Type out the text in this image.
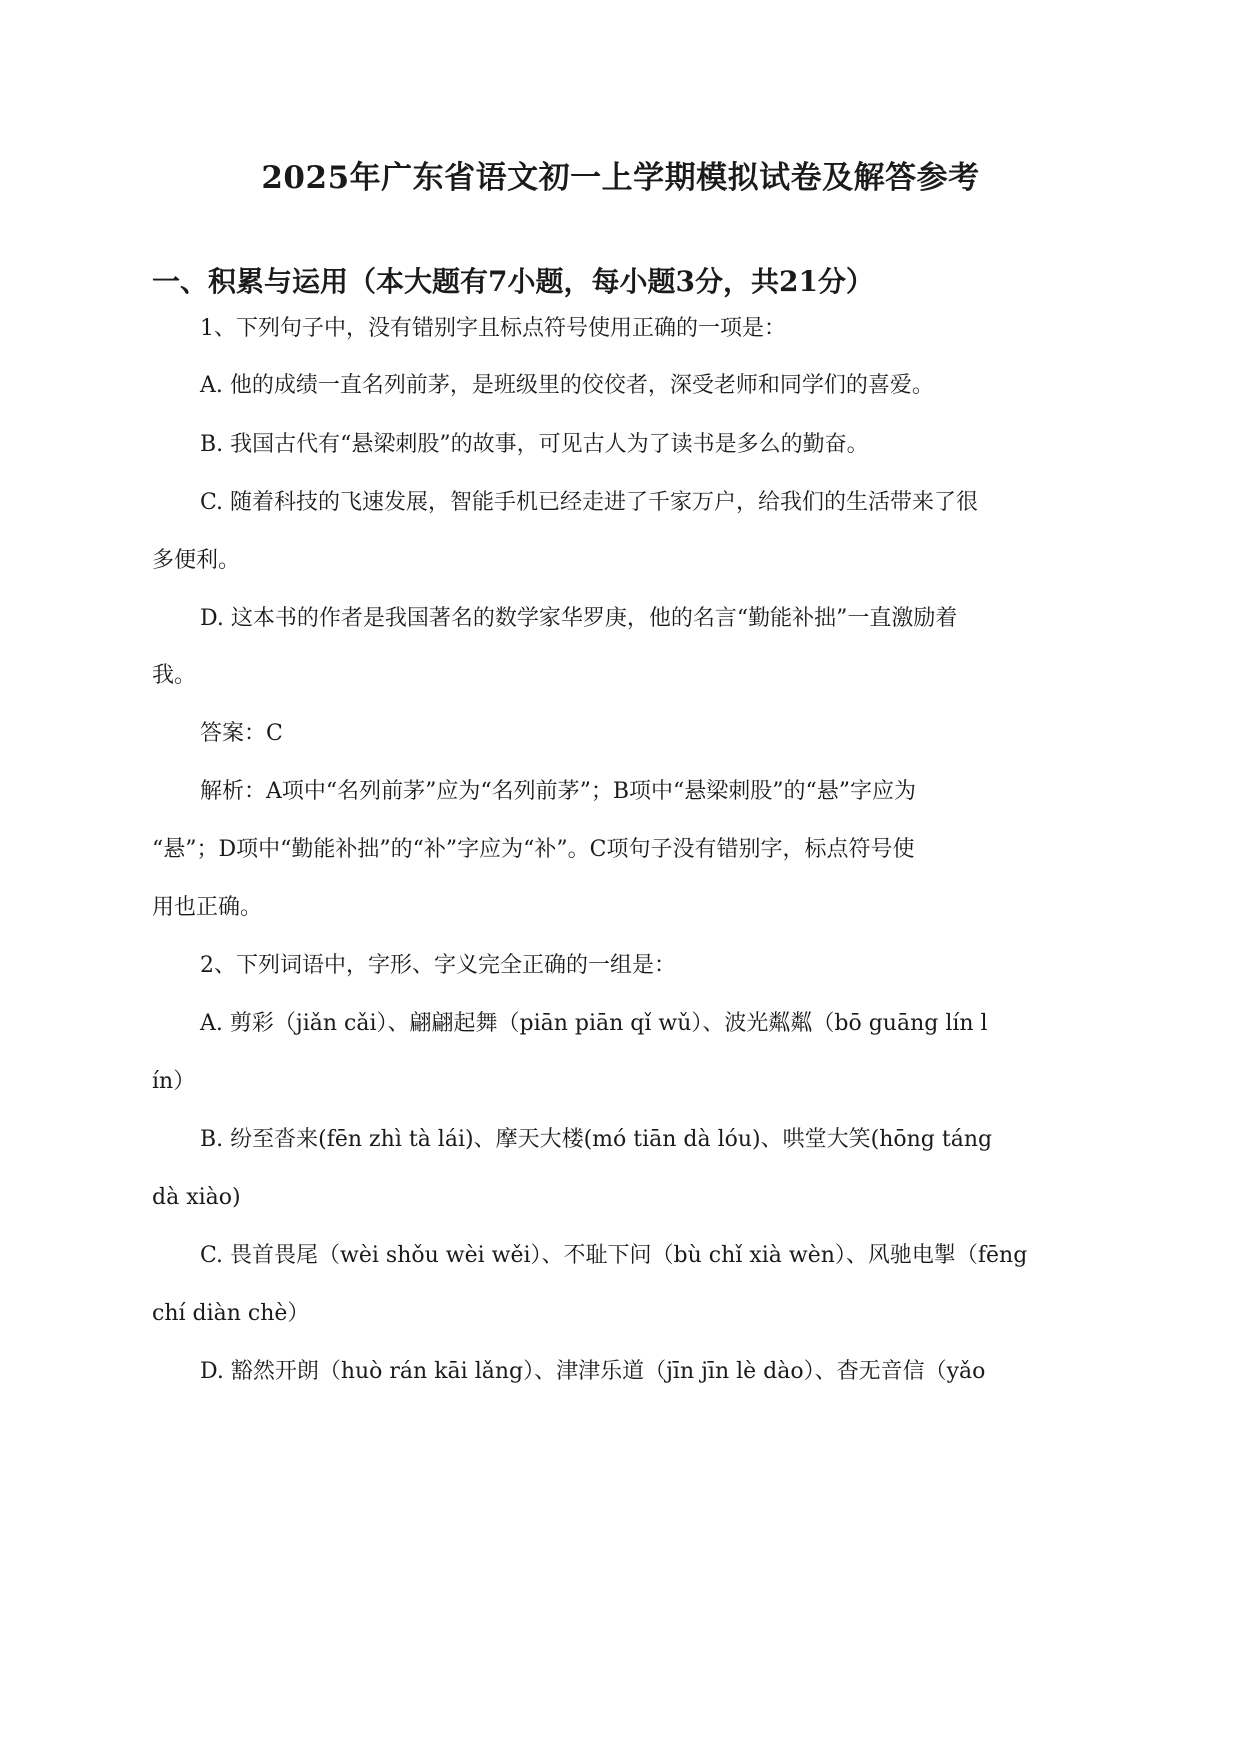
2025年广东省语文初一上学期模拟试卷及解答参考
一、积累与运用（本大题有7小题，每小题3分，共21分）

1、下列句子中，没有错别字且标点符号使用正确的一项是：

A. 他的成绩一直名列前茅，是班级里的佼佼者，深受老师和同学们的喜爱。

B. 我国古代有“悬梁刺股”的故事，可见古人为了读书是多么的勤奋。

C. 随着科技的飞速发展，智能手机已经走进了千家万户，给我们的生活带来了很

多便利。

D. 这本书的作者是我国著名的数学家华罗庚，他的名言“勤能补拙”一直激励着

我。

答案：C

解析：A项中“名列前茅”应为“名列前茅”；B项中“悬梁刺股”的“悬”字应为

“悬”；D项中“勤能补拙”的“补”字应为“补”。C项句子没有错别字，标点符号使

用也正确。

2、下列词语中，字形、字义完全正确的一组是：

A. 剪彩（jiǎn cǎi）、翩翩起舞（piān piān qǐ wǔ）、波光粼粼（bō guāng lín l

ín）

B. 纷至沓来(fēn zhì tà lái)、摩天大楼(mó tiān dà lóu)、哄堂大笑(hōng táng

dà xiào)

C. 畏首畏尾（wèi shǒu wèi wěi）、不耻下问（bù chǐ xià wèn）、风驰电掣（fēng

chí diàn chè）

D. 豁然开朗（huò rán kāi lǎng）、津津乐道（jīn jīn lè dào）、杳无音信（yǎo
